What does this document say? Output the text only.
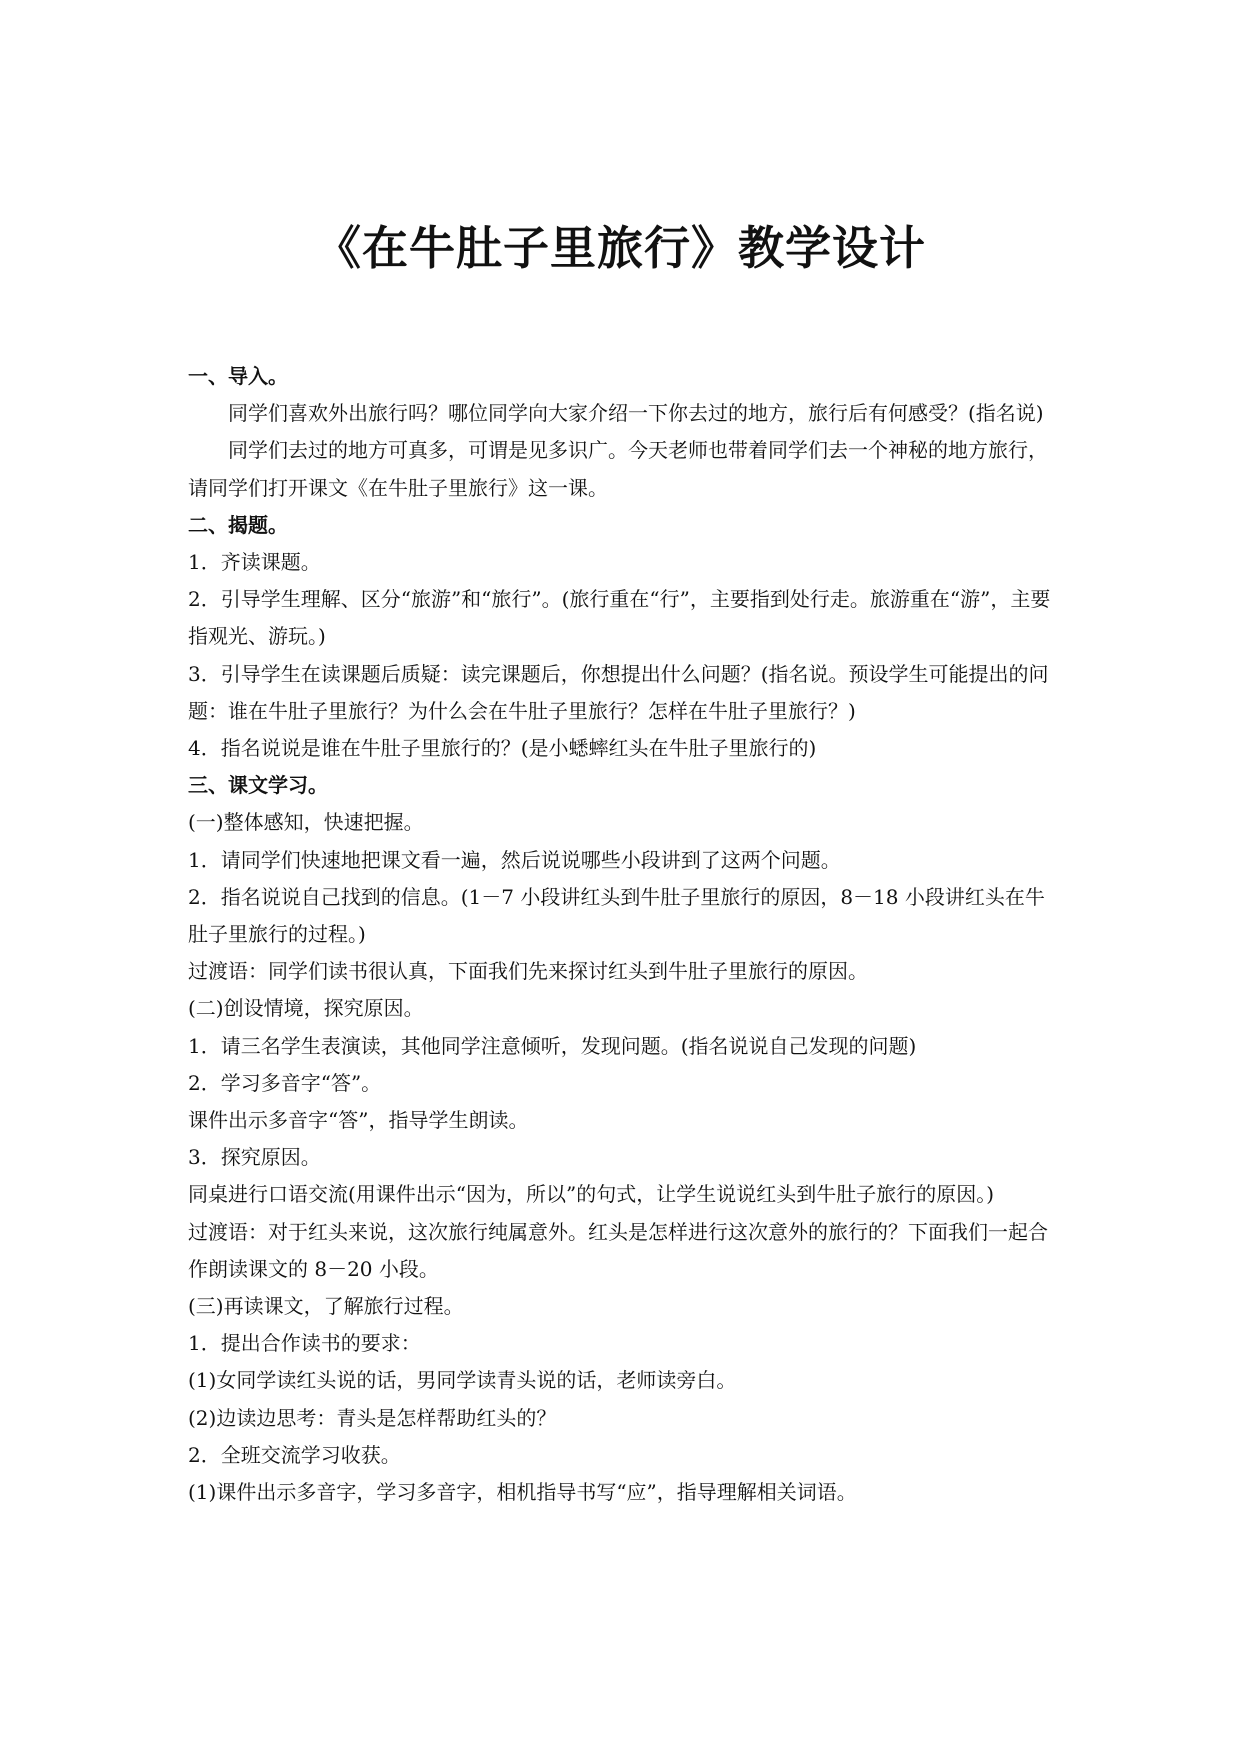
《在牛肚子里旅行》教学设计

一、导入。

同学们喜欢外出旅行吗？哪位同学向大家介绍一下你去过的地方，旅行后有何感受？(指名说)

同学们去过的地方可真多，可谓是见多识广。今天老师也带着同学们去一个神秘的地方旅行，请同学们打开课文《在牛肚子里旅行》这一课。

二、揭题。

1．齐读课题。

2．引导学生理解、区分“旅游”和“旅行”。(旅行重在“行”，主要指到处行走。旅游重在“游”，主要指观光、游玩。)

3．引导学生在读课题后质疑：读完课题后，你想提出什么问题？(指名说。预设学生可能提出的问题：谁在牛肚子里旅行？为什么会在牛肚子里旅行？怎样在牛肚子里旅行？)

4．指名说说是谁在牛肚子里旅行的？(是小蟋蟀红头在牛肚子里旅行的)

三、课文学习。

(一)整体感知，快速把握。

1．请同学们快速地把课文看一遍，然后说说哪些小段讲到了这两个问题。

2．指名说说自己找到的信息。(1－7 小段讲红头到牛肚子里旅行的原因，8－18 小段讲红头在牛肚子里旅行的过程。)

过渡语：同学们读书很认真，下面我们先来探讨红头到牛肚子里旅行的原因。

(二)创设情境，探究原因。

1．请三名学生表演读，其他同学注意倾听，发现问题。(指名说说自己发现的问题)

2．学习多音字“答”。

课件出示多音字“答”，指导学生朗读。

3．探究原因。

同桌进行口语交流(用课件出示“因为，所以”的句式，让学生说说红头到牛肚子旅行的原因。)

过渡语：对于红头来说，这次旅行纯属意外。红头是怎样进行这次意外的旅行的？下面我们一起合作朗读课文的 8－20 小段。

(三)再读课文，了解旅行过程。

1．提出合作读书的要求：

(1)女同学读红头说的话，男同学读青头说的话，老师读旁白。

(2)边读边思考：青头是怎样帮助红头的？

2．全班交流学习收获。

(1)课件出示多音字，学习多音字，相机指导书写“应”，指导理解相关词语。
